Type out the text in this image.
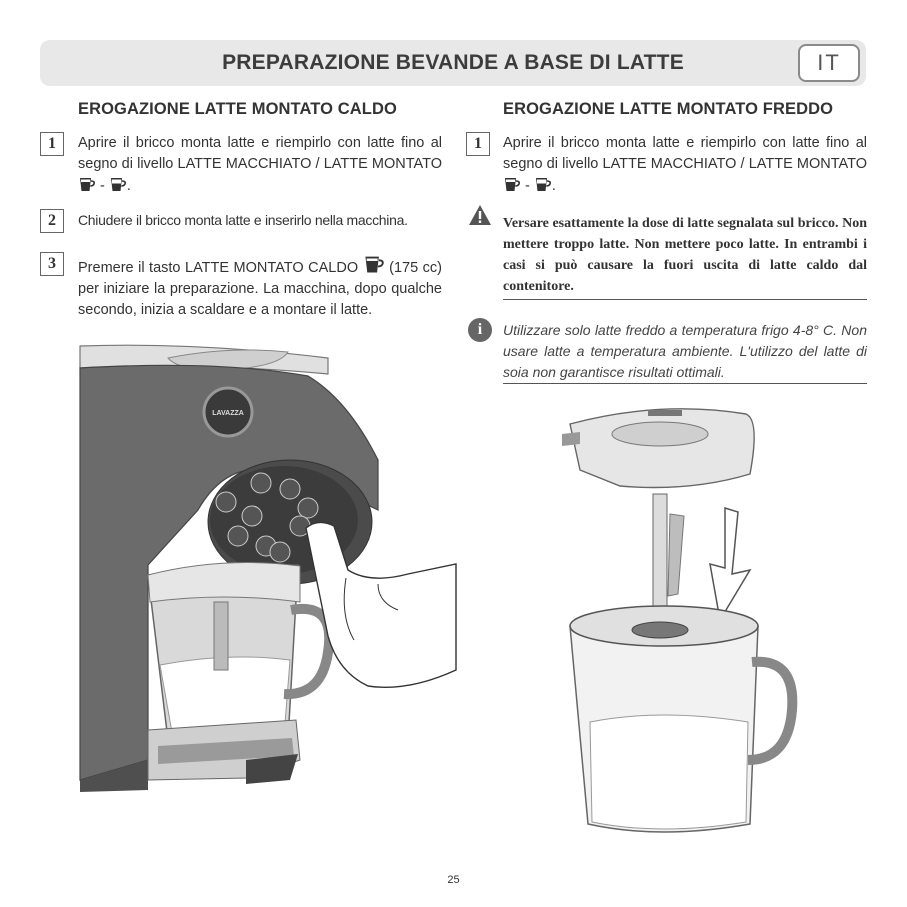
PREPARAZIONE BEVANDE A BASE DI LATTE	IT
EROGAZIONE LATTE MONTATO CALDO
1	Aprire il bricco monta latte e riempirlo con latte fino al segno di livello LATTE MACCHIATO / LATTE MONTATO  - .
2	Chiudere il bricco monta latte e inserirlo nella macchina.
3	Premere il tasto LATTE MONTATO CALDO (175 cc) per iniziare la preparazione. La macchina, dopo qualche secondo, inizia a scaldare e a montare il latte.
EROGAZIONE LATTE MONTATO FREDDO
1	Aprire il bricco monta latte e riempirlo con latte fino al segno di livello LATTE MACCHIATO / LATTE MONTATO  - .
Versare esattamente la dose di latte segnalata sul bricco. Non mettere troppo latte. Non mettere poco latte. In entrambi i casi si può causare la fuori uscita di latte caldo dal contenitore.
i	Utilizzare solo latte freddo a temperatura frigo 4-8° C. Non usare latte a temperatura ambiente. L'utilizzo del latte di soia non garantisce risultati ottimali.
LAVAZZA
25
